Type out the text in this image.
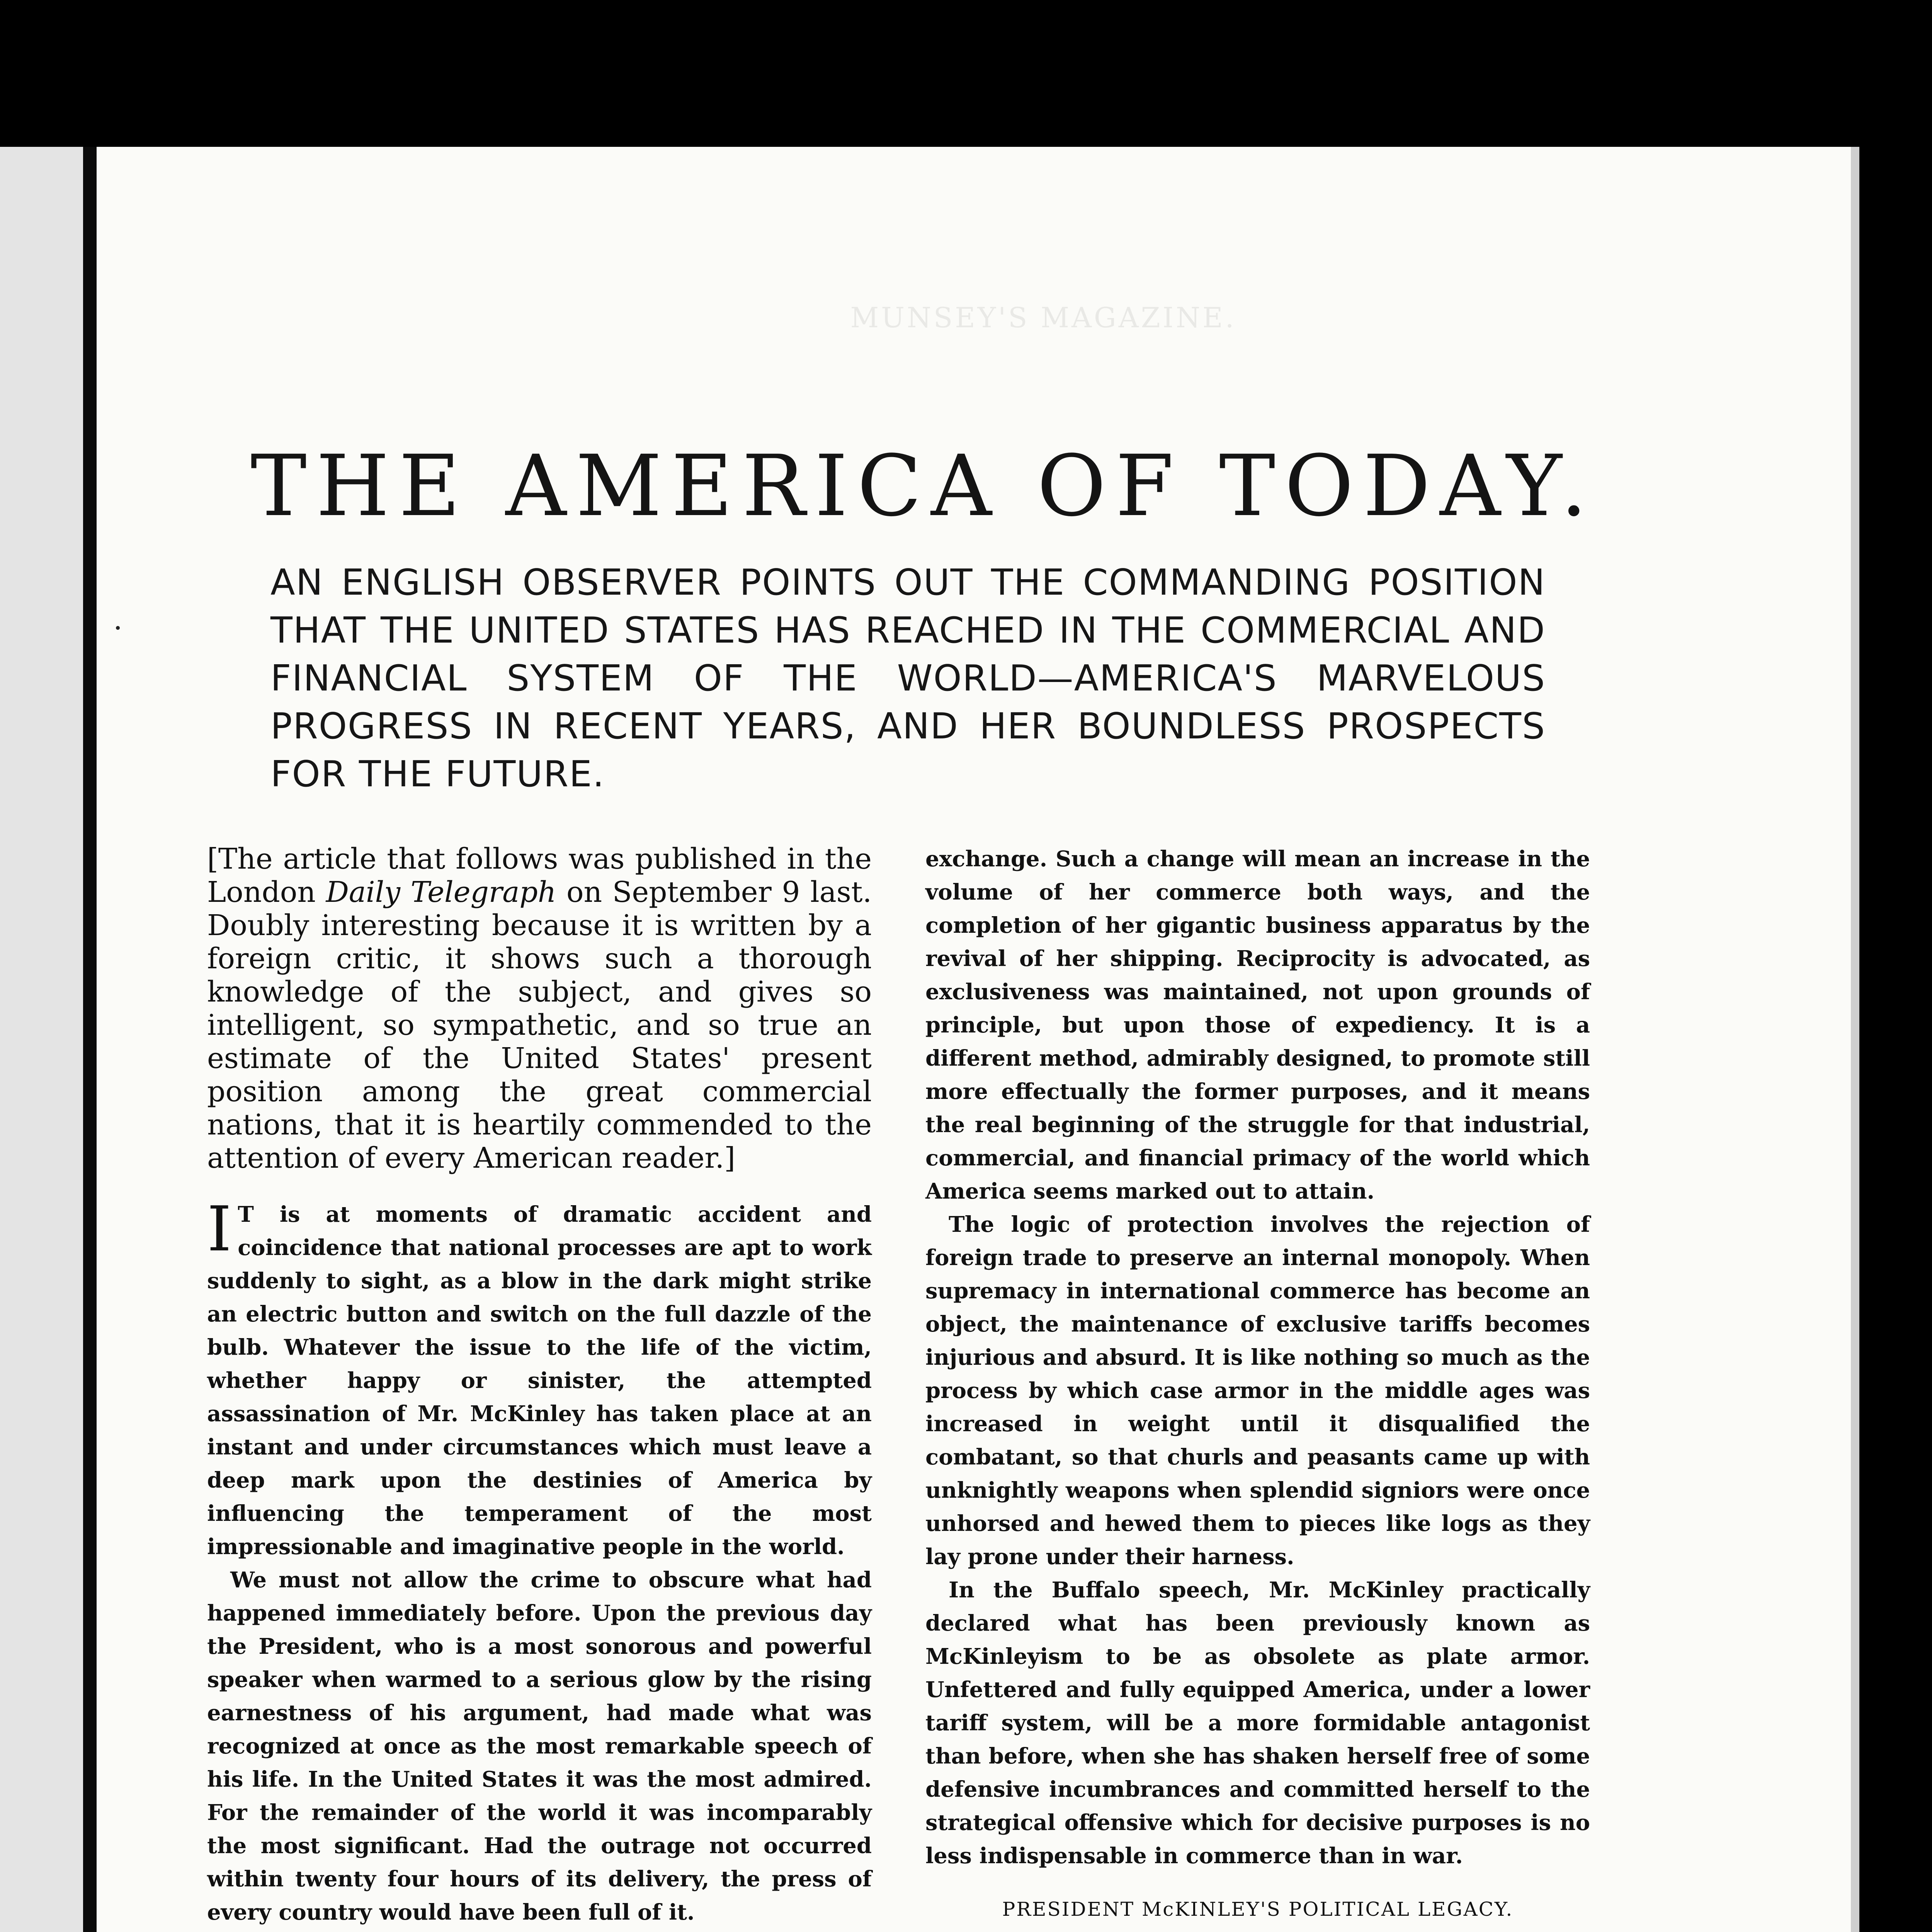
MUNSEY'S MAGAZINE.
THE AMERICA OF TODAY.
AN ENGLISH OBSERVER POINTS OUT THE COMMANDING POSITION THAT THE UNITED STATES HAS REACHED IN THE COMMERCIAL AND FINANCIAL SYSTEM OF THE WORLD—AMERICA'S MARVELOUS PROGRESS IN RECENT YEARS, AND HER BOUNDLESS PROSPECTS FOR THE FUTURE.

[The article that follows was published in the London Daily Telegraph on September 9 last. Doubly interesting because it is written by a foreign critic, it shows such a thorough knowledge of the subject, and gives so intelligent, so sympathetic, and so true an estimate of the United States' present position among the great commercial nations, that it is heartily commended to the attention of every American reader.]

I T is at moments of dramatic accident and coincidence that national processes are apt to work suddenly to sight, as a blow in the dark might strike an electric button and switch on the full dazzle of the bulb. Whatever the issue to the life of the victim, whether happy or sinister, the attempted assassination of Mr. McKinley has taken place at an instant and under circumstances which must leave a deep mark upon the destinies of America by influencing the temperament of the most impressionable and imaginative people in the world.

We must not allow the crime to obscure what had happened immediately before. Upon the previous day the President, who is a most sonorous and powerful speaker when warmed to a serious glow by the rising earnestness of his argument, had made what was recognized at once as the most remarkable speech of his life. In the United States it was the most admired. For the remainder of the world it was incomparably the most significant. Had the outrage not occurred within twenty four hours of its delivery, the press of every country would have been full of it.

exchange. Such a change will mean an increase in the volume of her commerce both ways, and the completion of her gigantic business apparatus by the revival of her shipping. Reciprocity is advocated, as exclusiveness was maintained, not upon grounds of principle, but upon those of expediency. It is a different method, admirably designed, to promote still more effectually the former purposes, and it means the real beginning of the struggle for that industrial, commercial, and financial primacy of the world which America seems marked out to attain.

The logic of protection involves the rejection of foreign trade to preserve an internal monopoly. When supremacy in international commerce has become an object, the maintenance of exclusive tariffs becomes injurious and absurd. It is like nothing so much as the process by which case armor in the middle ages was increased in weight until it disqualified the combatant, so that churls and peasants came up with unknightly weapons when splendid signiors were once unhorsed and hewed them to pieces like logs as they lay prone under their harness.

In the Buffalo speech, Mr. McKinley practically declared what has been previously known as McKinleyism to be as obsolete as plate armor. Unfettered and fully equipped America, under a lower tariff system, will be a more formidable antagonist than before, when she has shaken herself free of some defensive incumbrances and committed herself to the strategical offensive which for decisive purposes is no less indispensable in commerce than in war.

PRESIDENT McKINLEY'S POLITICAL LEGACY.
